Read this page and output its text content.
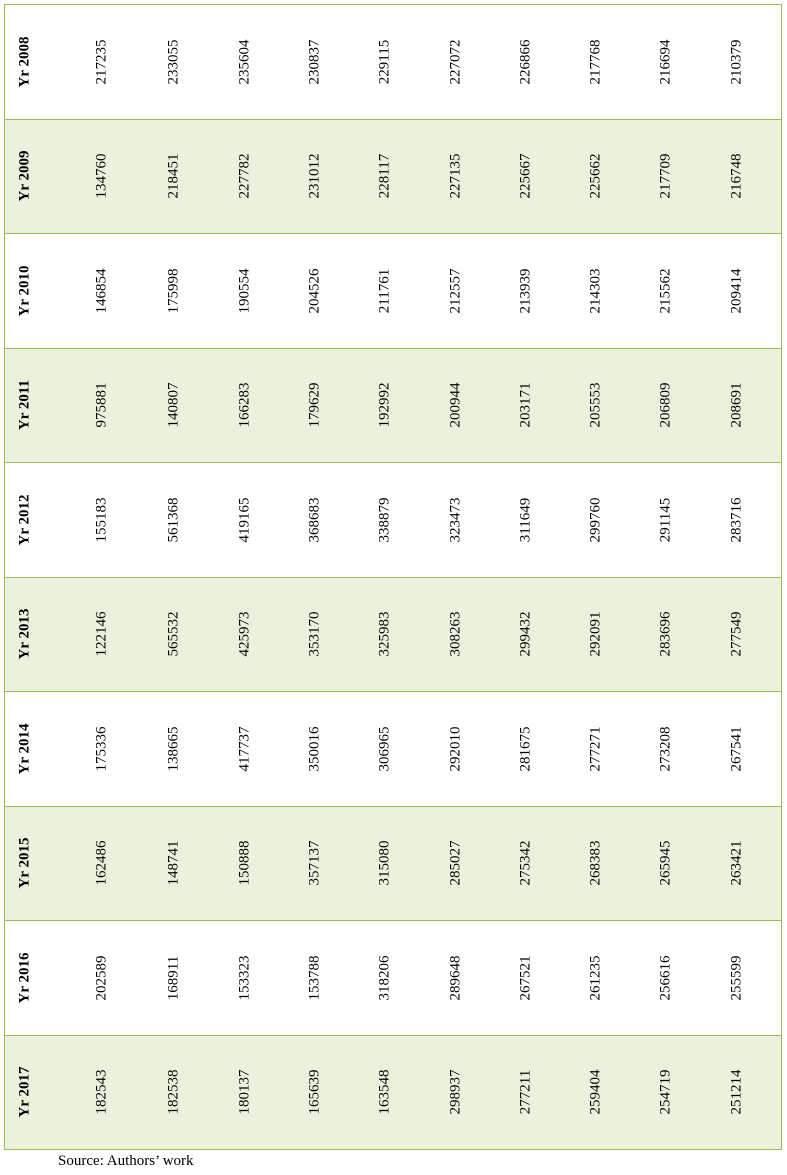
Yr 2008	217235	233055	235604	230837	229115	227072	226866	217768	216694	210379
Yr 2009	134760	218451	227782	231012	228117	227135	225667	225662	217709	216748
Yr 2010	146854	175998	190554	204526	211761	212557	213939	214303	215562	209414
Yr 2011	975881	140807	166283	179629	192992	200944	203171	205553	206809	208691
Yr 2012	155183	561368	419165	368683	338879	323473	311649	299760	291145	283716
Yr 2013	122146	565532	425973	353170	325983	308263	299432	292091	283696	277549
Yr 2014	175336	138665	417737	350016	306965	292010	281675	277271	273208	267541
Yr 2015	162486	148741	150888	357137	315080	285027	275342	268383	265945	263421
Yr 2016	202589	168911	153323	153788	318206	289648	267521	261235	256616	255599
Yr 2017	182543	182538	180137	165639	163548	298937	277211	259404	254719	251214
Source: Authors’ work
